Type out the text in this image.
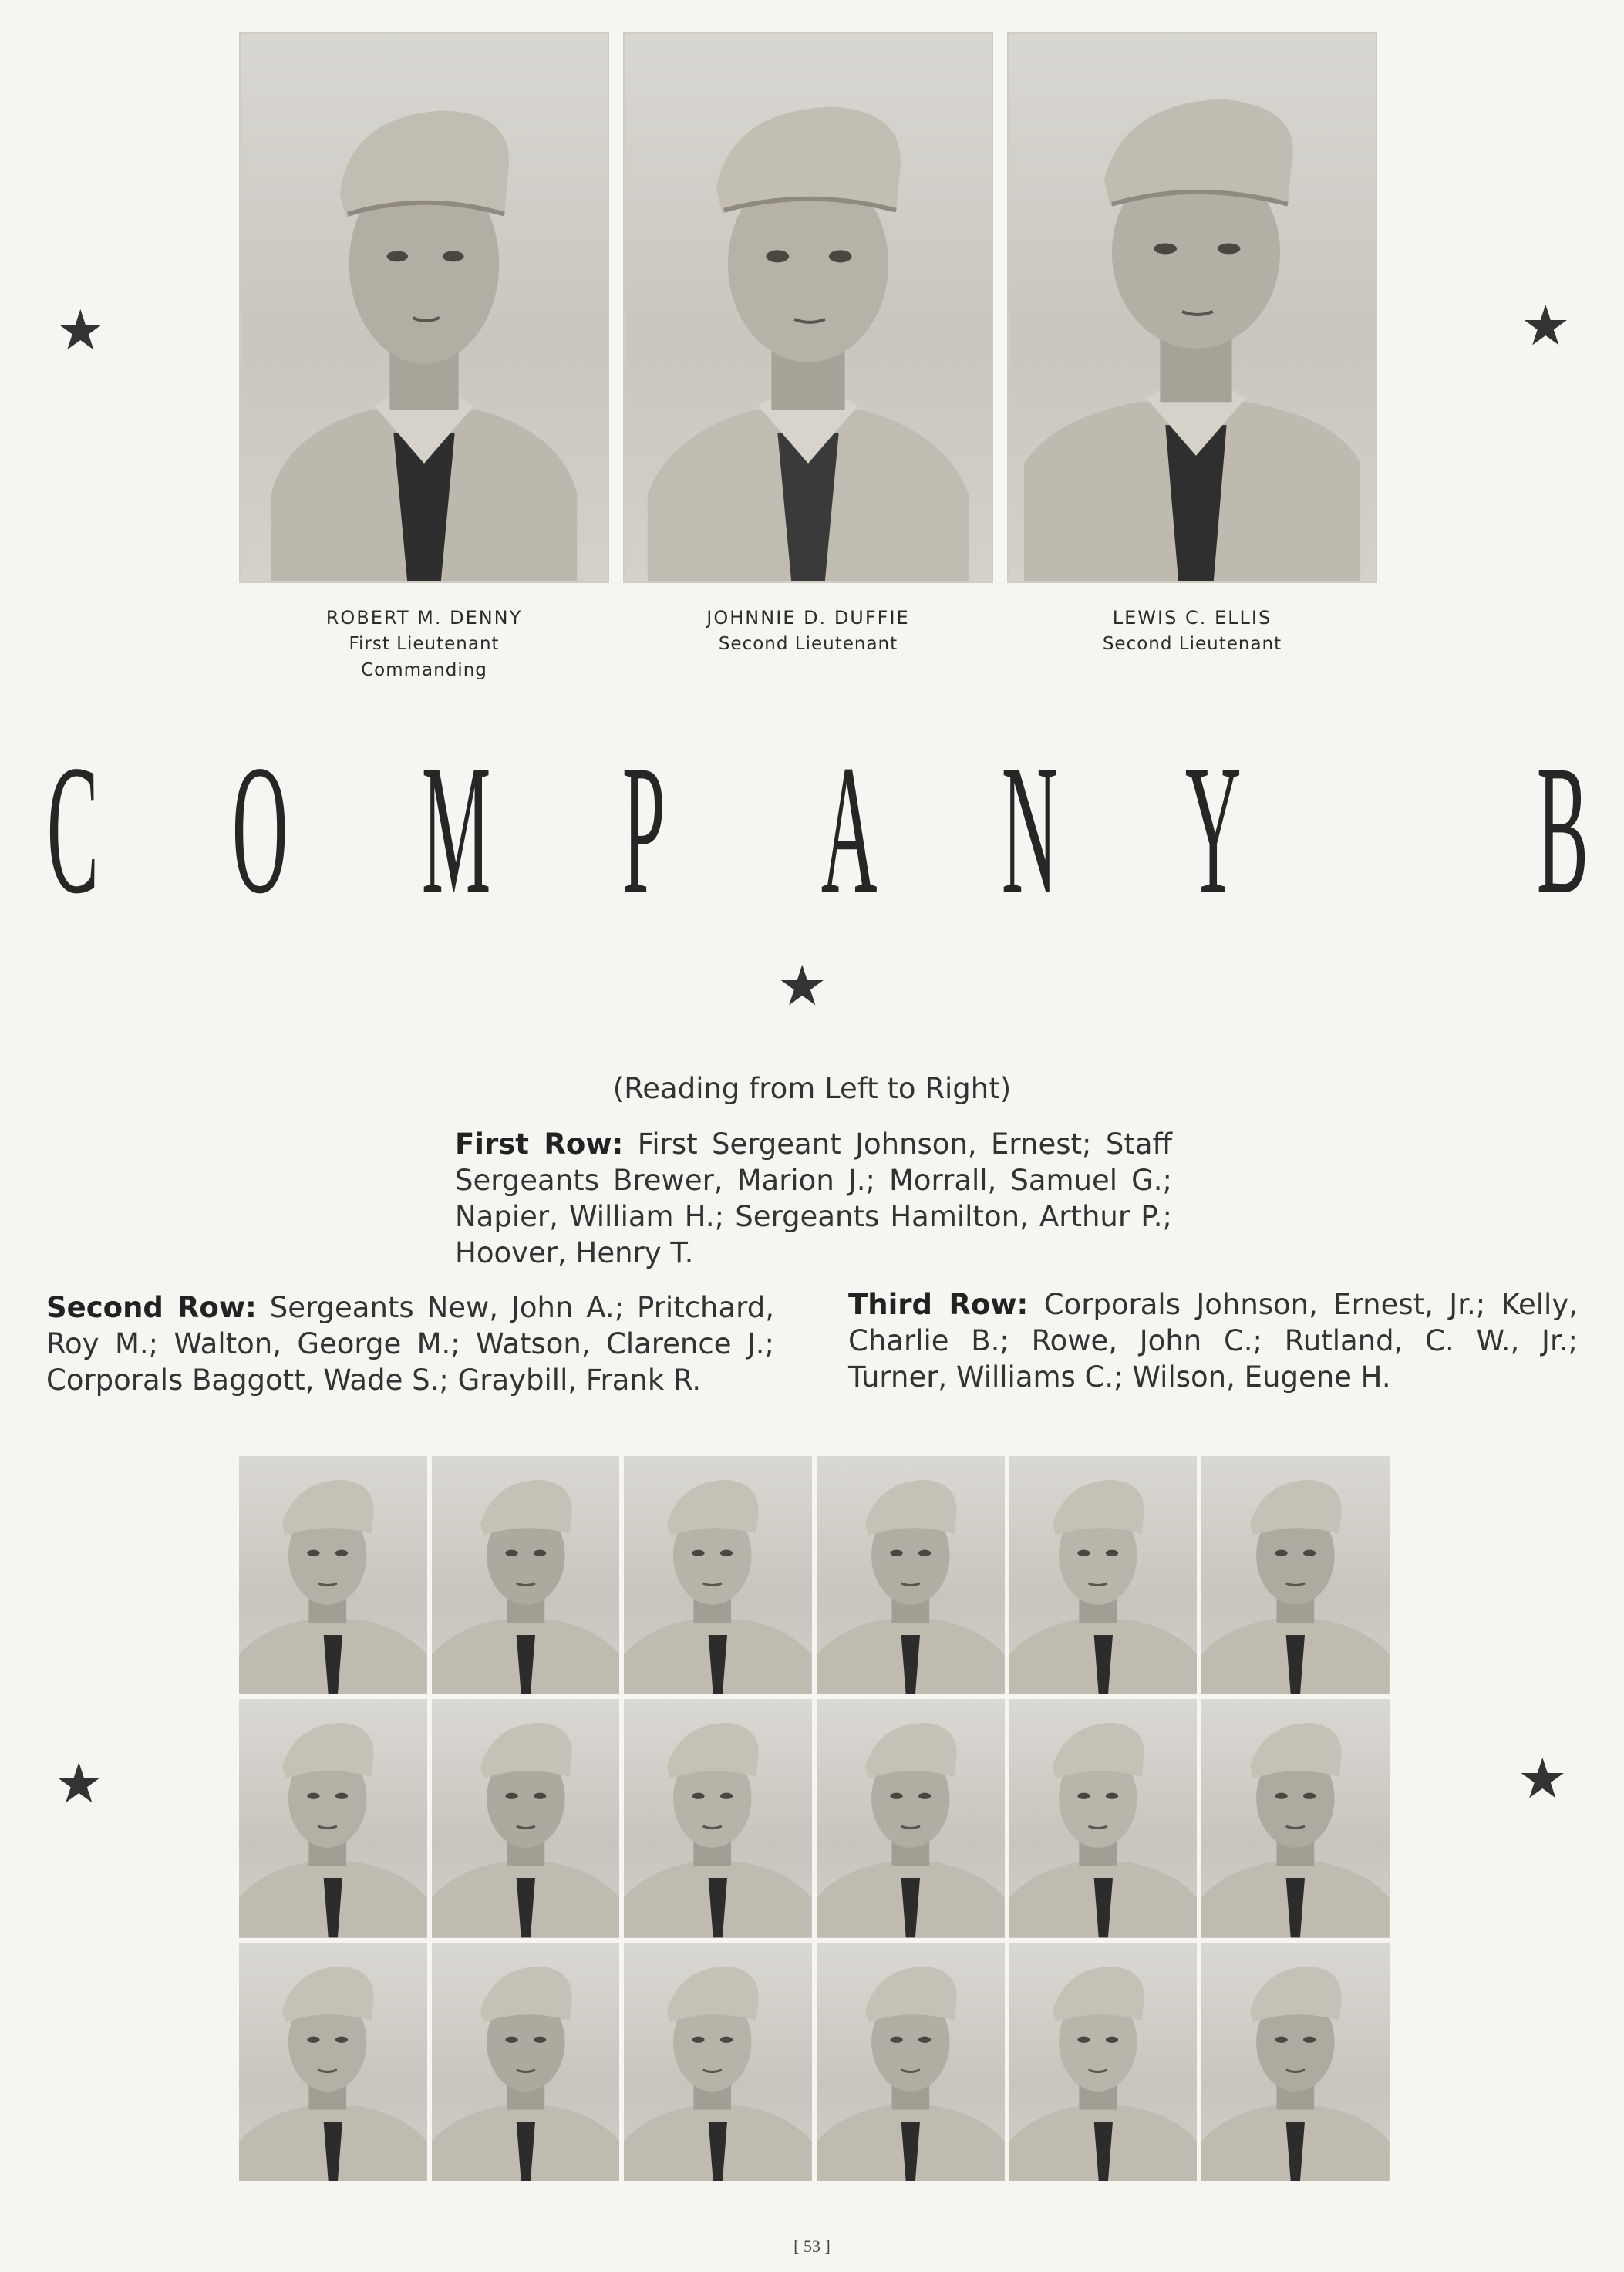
★	★
★
★	★
ROBERT M. DENNY
First Lieutenant
Commanding
JOHNNIE D. DUFFIE
Second Lieutenant
LEWIS C. ELLIS
Second Lieutenant
C O M P A N Y B
(Reading from Left to Right)
First Row: First Sergeant Johnson, Ernest; Staff Sergeants Brewer, Marion J.; Morrall, Samuel G.; Napier, William H.; Sergeants Hamilton, Arthur P.; Hoover, Henry T.
Second Row: Sergeants New, John A.; Pritchard, Roy M.; Walton, George M.; Watson, Clarence J.; Corporals Baggott, Wade S.; Graybill, Frank R.
Third Row: Corporals Johnson, Ernest, Jr.; Kelly, Charlie B.; Rowe, John C.; Rutland, C. W., Jr.; Turner, Williams C.; Wilson, Eugene H.
[ 53 ]
